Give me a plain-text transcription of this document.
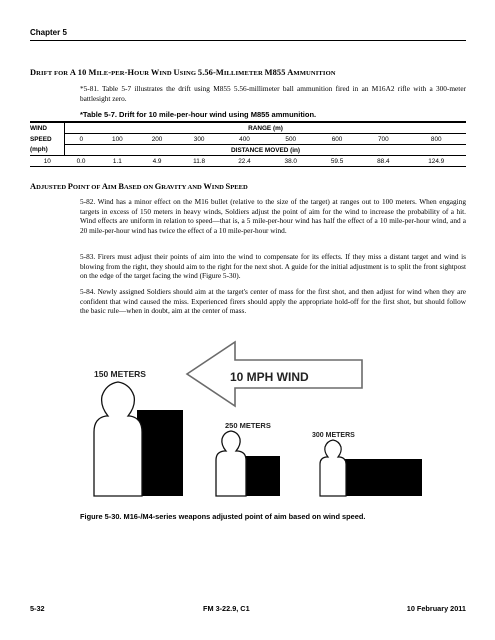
Chapter 5
DRIFT FOR A 10 MILE-PER-HOUR WIND USING 5.56-MILLIMETER M855 AMMUNITION
*5-81. Table 5-7 illustrates the drift using M855 5.56-millimeter ball ammunition fired in an M16A2 rifle with a 300-meter battlesight zero.
*Table 5-7. Drift for 10 mile-per-hour wind using M855 ammunition.
WIND	RANGE (m)								
SPEED	0	100	200	300	400	500	600	700	800
(mph)	DISTANCE MOVED (in)								
10	0.0	1.1	4.9	11.8	22.4	38.0	59.5	88.4	124.9
ADJUSTED POINT OF AIM BASED ON GRAVITY AND WIND SPEED
5-82. Wind has a minor effect on the M16 bullet (relative to the size of the target) at ranges out to 100 meters. When engaging targets in excess of 150 meters in heavy winds, Soldiers adjust the point of aim for the wind to increase the probability of a hit. Wind effects are uniform in relation to speed—that is, a 5 mile-per-hour wind has half the effect of a 10 mile-per-hour wind, and a 20 mile-per-hour wind has twice the effect of a 10 mile-per-hour wind.
5-83. Firers must adjust their points of aim into the wind to compensate for its effects. If they miss a distant target and wind is blowing from the right, they should aim to the right for the next shot. A guide for the initial adjustment is to split the front sightpost on the edge of the target facing the wind (Figure 5-30).
5-84. Newly assigned Soldiers should aim at the target's center of mass for the first shot, and then adjust for wind when they are confident that wind caused the miss. Experienced firers should apply the appropriate hold-off for the first shot, but should follow the basic rule—when in doubt, aim at the center of mass.
10 MPH WIND
150 METERS
250 METERS
300 METERS
Figure 5-30. M16-/M4-series weapons adjusted point of aim based on wind speed.
5-32	FM 3-22.9, C1	10 February 2011
